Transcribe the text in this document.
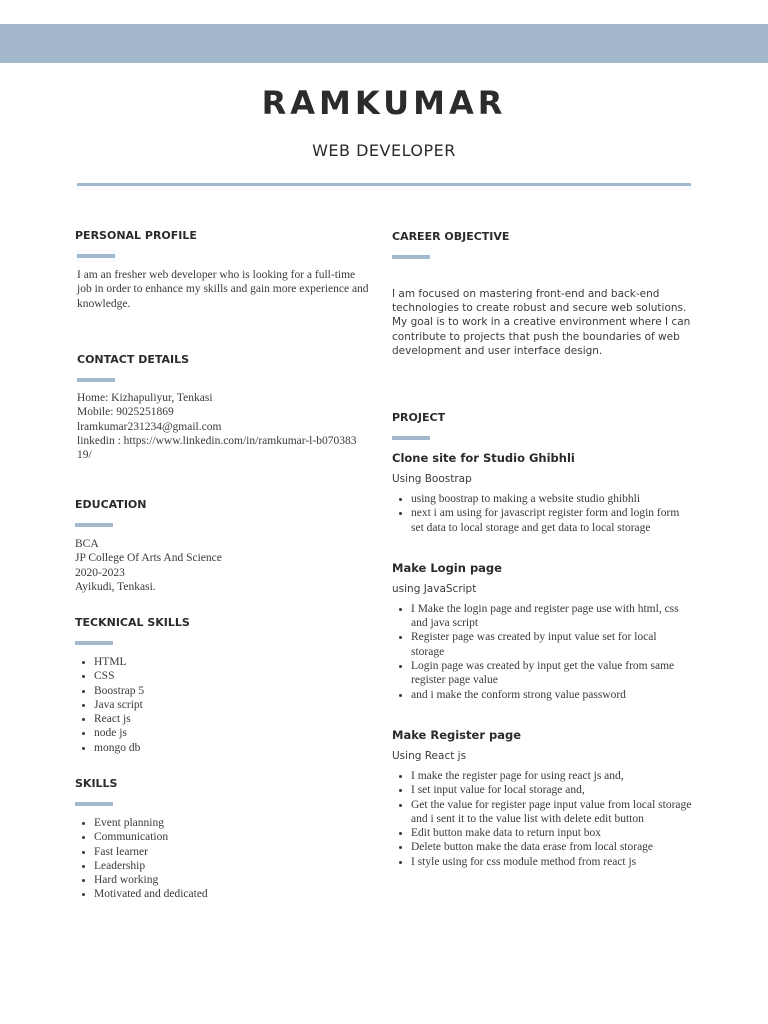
RAMKUMAR
WEB DEVELOPER

PERSONAL PROFILE

I am an fresher web developer who is looking for a full-time job in order to enhance my skills and gain more experience and knowledge.

CONTACT DETAILS

Home: Kizhapuliyur, Tenkasi

Mobile: 9025251869

lramkumar231234@gmail.com

linkedin : https://www.linkedin.com/in/ramkumar-l-b07038319/

EDUCATION

BCA

JP College Of Arts And Science

2020-2023

Ayikudi, Tenkasi.

TECKNICAL SKILLS

• HTML
• CSS
• Boostrap 5
• Java script
• React js
• node js
• mongo db

SKILLS

• Event planning
• Communication
• Fast learner
• Leadership
• Hard working
• Motivated and dedicated

CAREER OBJECTIVE

I am focused on mastering front-end and back-end technologies to create robust and secure web solutions. My goal is to work in a creative environment where I can contribute to projects that push the boundaries of web development and user interface design.

PROJECT

Clone site for Studio Ghibhli

Using Boostrap

• using boostrap to making a website studio ghibhli
• next i am using for javascript register form and login form set data to local storage and get data to local storage

Make Login page

using JavaScript

• I Make the login page and register page use with html, css and java script
• Register page was created by input value set for local storage
• Login page was created by input get the value from same register page value
• and i make the conform strong value password

Make Register page

Using React js

• I make the register page for using react js and,
• I set input value for local storage and,
• Get the value for register page input value from local storage and i sent it to the value list with delete edit button
• Edit button make data to return input box
• Delete button make the data erase from local storage
• I style using for css module method from react js
